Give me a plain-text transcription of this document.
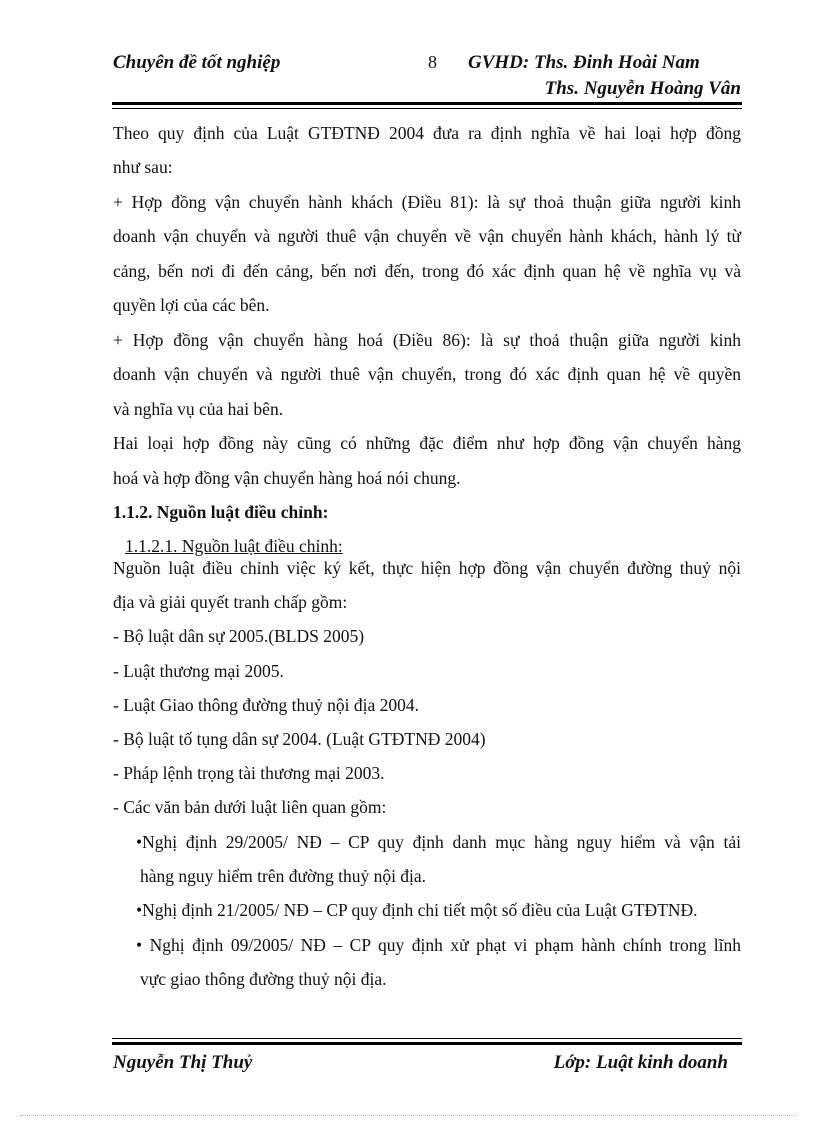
Chuyên đề tốt nghiệp	8 GVHD: Ths. Đinh Hoài Nam
Ths. Nguyễn Hoàng Vân
Theo quy định của Luật GTĐTNĐ 2004 đưa ra định nghĩa về hai loại hợp đồng
như sau:
+ Hợp đồng vận chuyển hành khách (Điều 81): là sự thoả thuận giữa người kinh
doanh vận chuyển và người thuê vận chuyển về vận chuyển hành khách, hành lý từ
cảng, bến nơi đi đến cảng, bến nơi đến, trong đó xác định quan hệ về nghĩa vụ và
quyền lợi của các bên.
+ Hợp đồng vận chuyển hàng hoá (Điều 86): là sự thoả thuận giữa người kinh
doanh vận chuyển và người thuê vận chuyển, trong đó xác định quan hệ về quyền
và nghĩa vụ của hai bên.
Hai loại hợp đồng này cũng có những đặc điểm như hợp đồng vận chuyển hàng
hoá và hợp đồng vận chuyển hàng hoá nói chung.
1.1.2. Nguồn luật điều chỉnh:
1.1.2.1. Nguồn luật điều chỉnh:
Nguồn luật điều chỉnh việc ký kết, thực hiện hợp đồng vận chuyển đường thuỷ nội
địa và giải quyết tranh chấp gồm:
- Bộ luật dân sự 2005.(BLDS 2005)
- Luật thương mại 2005.
- Luật Giao thông đường thuỷ nội địa 2004.
- Bộ luật tố tụng dân sự 2004. (Luật GTĐTNĐ 2004)
- Pháp lệnh trọng tài thương mại 2003.
- Các văn bản dưới luật liên quan gồm:
•Nghị định 29/2005/ NĐ – CP quy định danh mục hàng nguy hiểm và vận tải
hàng nguy hiểm trên đường thuỷ nội địa.
•Nghị định 21/2005/ NĐ – CP quy định chi tiết một số điều của Luật GTĐTNĐ.
• Nghị định 09/2005/ NĐ – CP quy định xử phạt vi phạm hành chính trong lĩnh
vực giao thông đường thuỷ nội địa.
Nguyễn Thị Thuỷ	Lớp: Luật kinh doanh
